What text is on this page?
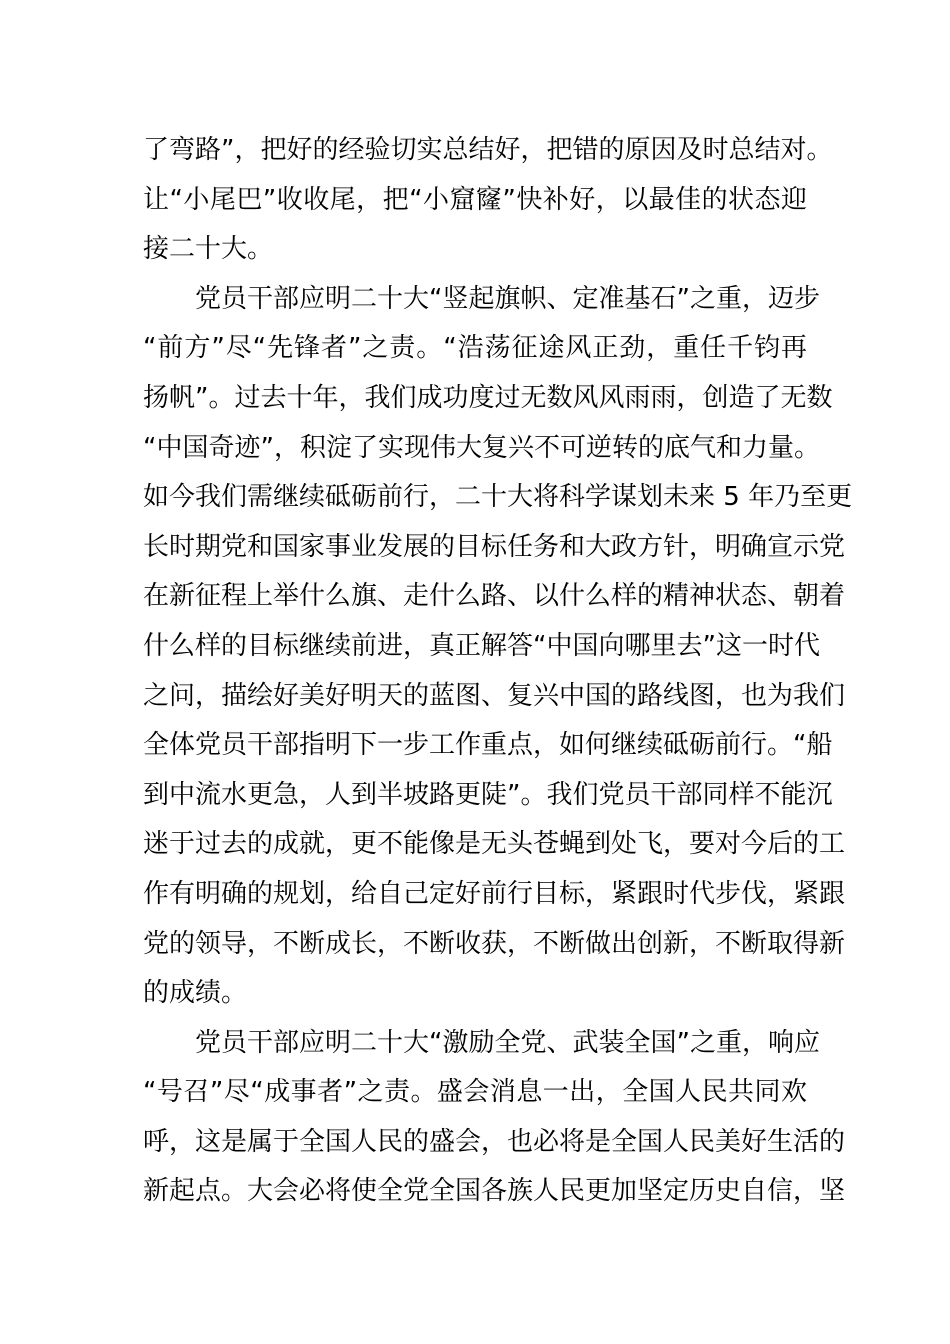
了弯路”，把好的经验切实总结好，把错的原因及时总结对。
让“小尾巴”收收尾，把“小窟窿”快补好，以最佳的状态迎
接二十大。
党员干部应明二十大“竖起旗帜、定准基石”之重，迈步
“前方”尽“先锋者”之责。“浩荡征途风正劲，重任千钧再
扬帆”。过去十年，我们成功度过无数风风雨雨，创造了无数
“中国奇迹”，积淀了实现伟大复兴不可逆转的底气和力量。
如今我们需继续砥砺前行，二十大将科学谋划未来 5 年乃至更
长时期党和国家事业发展的目标任务和大政方针，明确宣示党
在新征程上举什么旗、走什么路、以什么样的精神状态、朝着
什么样的目标继续前进，真正解答“中国向哪里去”这一时代
之问，描绘好美好明天的蓝图、复兴中国的路线图，也为我们
全体党员干部指明下一步工作重点，如何继续砥砺前行。“船
到中流水更急，人到半坡路更陡”。我们党员干部同样不能沉
迷于过去的成就，更不能像是无头苍蝇到处飞，要对今后的工
作有明确的规划，给自己定好前行目标，紧跟时代步伐，紧跟
党的领导，不断成长，不断收获，不断做出创新，不断取得新
的成绩。
党员干部应明二十大“激励全党、武装全国”之重，响应
“号召”尽“成事者”之责。盛会消息一出，全国人民共同欢
呼，这是属于全国人民的盛会，也必将是全国人民美好生活的
新起点。大会必将使全党全国各族人民更加坚定历史自信，坚
